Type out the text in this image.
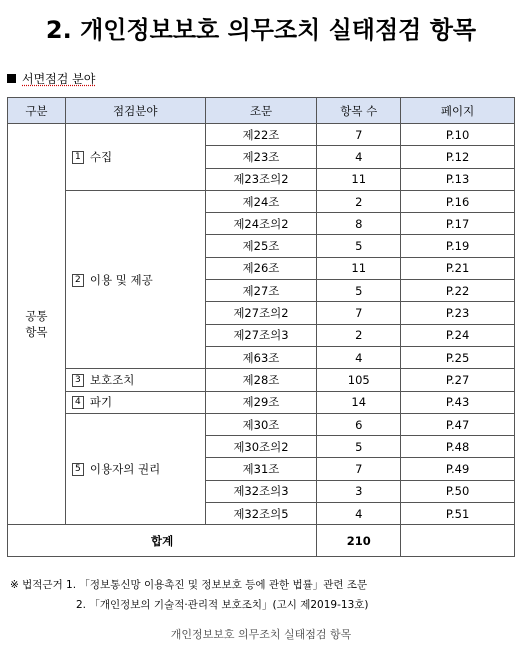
2. 개인정보보호 의무조치 실태점검 항목
서면점검 분야
구분	점검분야	조문	항목 수	페이지
공통
항목	1 수집	제22조	7	P.10
		제23조	4	P.12
		제23조의2	11	P.13
	2 이용 및 제공	제24조	2	P.16
		제24조의2	8	P.17
		제25조	5	P.19
		제26조	11	P.21
		제27조	5	P.22
		제27조의2	7	P.23
		제27조의3	2	P.24
		제63조	4	P.25
	3 보호조치	제28조	105	P.27
	4 파기	제29조	14	P.43
	5 이용자의 권리	제30조	6	P.47
		제30조의2	5	P.48
		제31조	7	P.49
		제32조의3	3	P.50
		제32조의5	4	P.51
합계			210	
※ 법적근거 1. 「정보통신망 이용촉진 및 정보보호 등에 관한 법률」관련 조문
2. 「개인정보의 기술적·관리적 보호조치」(고시 제2019-13호)
개인정보보호 의무조치 실태점검 항목
